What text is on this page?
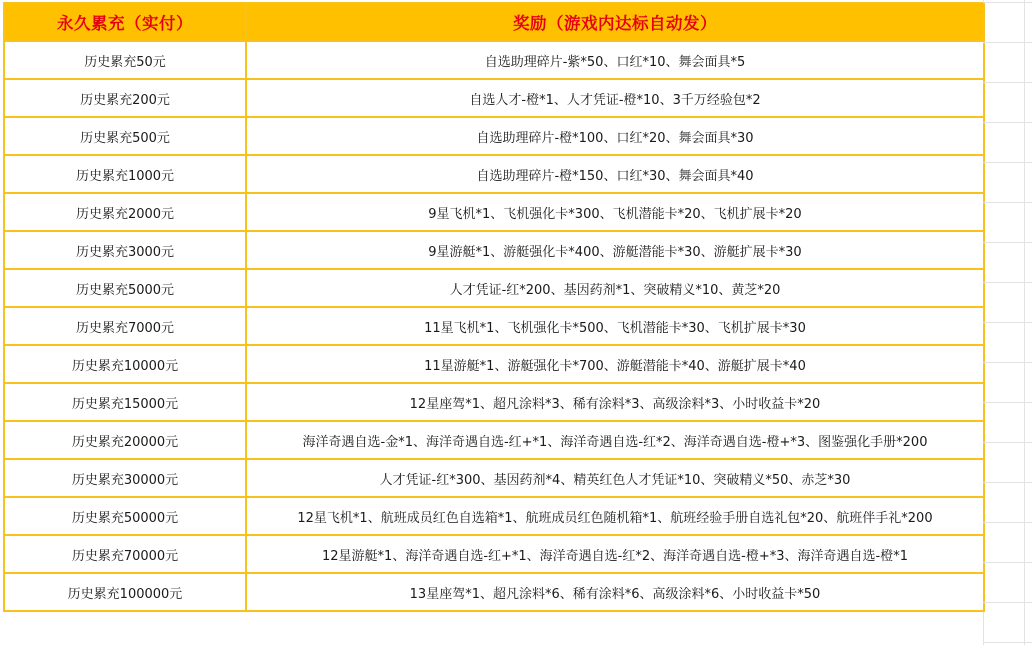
永久累充（实付）	奖励（游戏内达标自动发）
历史累充50元	自选助理碎片-紫*50、口红*10、舞会面具*5
历史累充200元	自选人才-橙*1、人才凭证-橙*10、3千万经验包*2
历史累充500元	自选助理碎片-橙*100、口红*20、舞会面具*30
历史累充1000元	自选助理碎片-橙*150、口红*30、舞会面具*40
历史累充2000元	9星飞机*1、飞机强化卡*300、飞机潜能卡*20、飞机扩展卡*20
历史累充3000元	9星游艇*1、游艇强化卡*400、游艇潜能卡*30、游艇扩展卡*30
历史累充5000元	人才凭证-红*200、基因药剂*1、突破精义*10、黄芝*20
历史累充7000元	11星飞机*1、飞机强化卡*500、飞机潜能卡*30、飞机扩展卡*30
历史累充10000元	11星游艇*1、游艇强化卡*700、游艇潜能卡*40、游艇扩展卡*40
历史累充15000元	12星座驾*1、超凡涂料*3、稀有涂料*3、高级涂料*3、小时收益卡*20
历史累充20000元	海洋奇遇自选-金*1、海洋奇遇自选-红+*1、海洋奇遇自选-红*2、海洋奇遇自选-橙+*3、图鉴强化手册*200
历史累充30000元	人才凭证-红*300、基因药剂*4、精英红色人才凭证*10、突破精义*50、赤芝*30
历史累充50000元	12星飞机*1、航班成员红色自选箱*1、航班成员红色随机箱*1、航班经验手册自选礼包*20、航班伴手礼*200
历史累充70000元	12星游艇*1、海洋奇遇自选-红+*1、海洋奇遇自选-红*2、海洋奇遇自选-橙+*3、海洋奇遇自选-橙*1
历史累充100000元	13星座驾*1、超凡涂料*6、稀有涂料*6、高级涂料*6、小时收益卡*50
